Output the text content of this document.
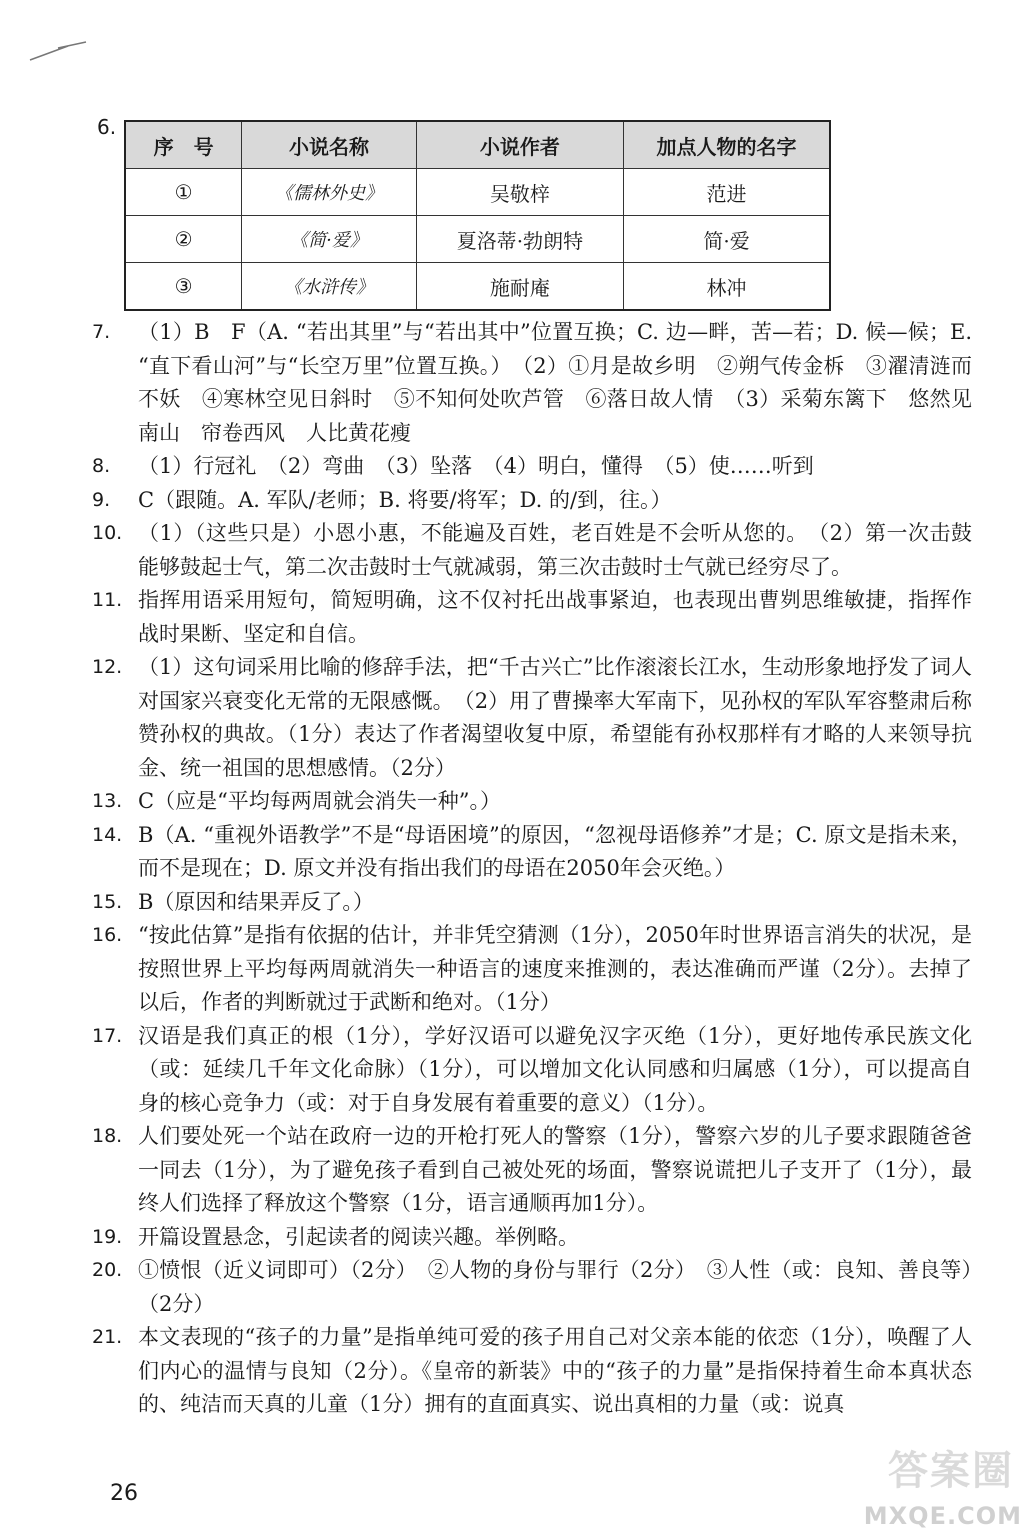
6.
序　号	小说名称	小说作者	加点人物的名字
①	《儒林外史》	吴敬梓	范进
②	《简·爱》	夏洛蒂·勃朗特	简·爱
③	《水浒传》	施耐庵	林冲
7.	（1）B　F（A. “若出其里”与“若出其中”位置互换；C. 边—畔，苦—若；D. 候—候；E. “直下看山河”与“长空万里”位置互换。）　（2）①月是故乡明　②朔气传金柝　③濯清涟而不妖　④寒林空见日斜时　⑤不知何处吹芦管　⑥落日故人情　（3）采菊东篱下　悠然见南山　帘卷西风　人比黄花瘦
8.	（1）行冠礼　（2）弯曲　（3）坠落　（4）明白，懂得　（5）使……听到
9.	C（跟随。A. 军队/老师；B. 将要/将军；D. 的/到，往。）
10. （1）（这些只是）小恩小惠，不能遍及百姓，老百姓是不会听从您的。　（2）第一次击鼓能够鼓起士气，第二次击鼓时士气就减弱，第三次击鼓时士气就已经穷尽了。
11. 指挥用语采用短句，简短明确，这不仅衬托出战事紧迫，也表现出曹刿思维敏捷，指挥作战时果断、坚定和自信。
12. （1）这句词采用比喻的修辞手法，把“千古兴亡”比作滚滚长江水，生动形象地抒发了词人对国家兴衰变化无常的无限感慨。　（2）用了曹操率大军南下，见孙权的军队军容整肃后称赞孙权的典故。（1分）表达了作者渴望收复中原，希望能有孙权那样有才略的人来领导抗金、统一祖国的思想感情。（2分）
13. C（应是“平均每两周就会消失一种”。）
14. B（A. “重视外语教学”不是“母语困境”的原因，“忽视母语修养”才是；C. 原文是指未来，而不是现在；D. 原文并没有指出我们的母语在2050年会灭绝。）
15. B（原因和结果弄反了。）
16. “按此估算”是指有依据的估计，并非凭空猜测（1分），2050年时世界语言消失的状况，是按照世界上平均每两周就消失一种语言的速度来推测的，表达准确而严谨（2分）。去掉了以后，作者的判断就过于武断和绝对。（1分）
17. 汉语是我们真正的根（1分），学好汉语可以避免汉字灭绝（1分），更好地传承民族文化（或：延续几千年文化命脉）（1分），可以增加文化认同感和归属感（1分），可以提高自身的核心竞争力（或：对于自身发展有着重要的意义）（1分）。
18. 人们要处死一个站在政府一边的开枪打死人的警察（1分），警察六岁的儿子要求跟随爸爸一同去（1分），为了避免孩子看到自己被处死的场面，警察说谎把儿子支开了（1分），最终人们选择了释放这个警察（1分，语言通顺再加1分）。
19. 开篇设置悬念，引起读者的阅读兴趣。举例略。
20. ①愤恨（近义词即可）（2分）　②人物的身份与罪行（2分）　③人性（或：良知、善良等）（2分）
21. 本文表现的“孩子的力量”是指单纯可爱的孩子用自己对父亲本能的依恋（1分），唤醒了人们内心的温情与良知（2分）。《皇帝的新装》中的“孩子的力量”是指保持着生命本真状态的、纯洁而天真的儿童（1分）拥有的直面真实、说出真相的力量（或：说真
26	答案圈
MXQE.COM
